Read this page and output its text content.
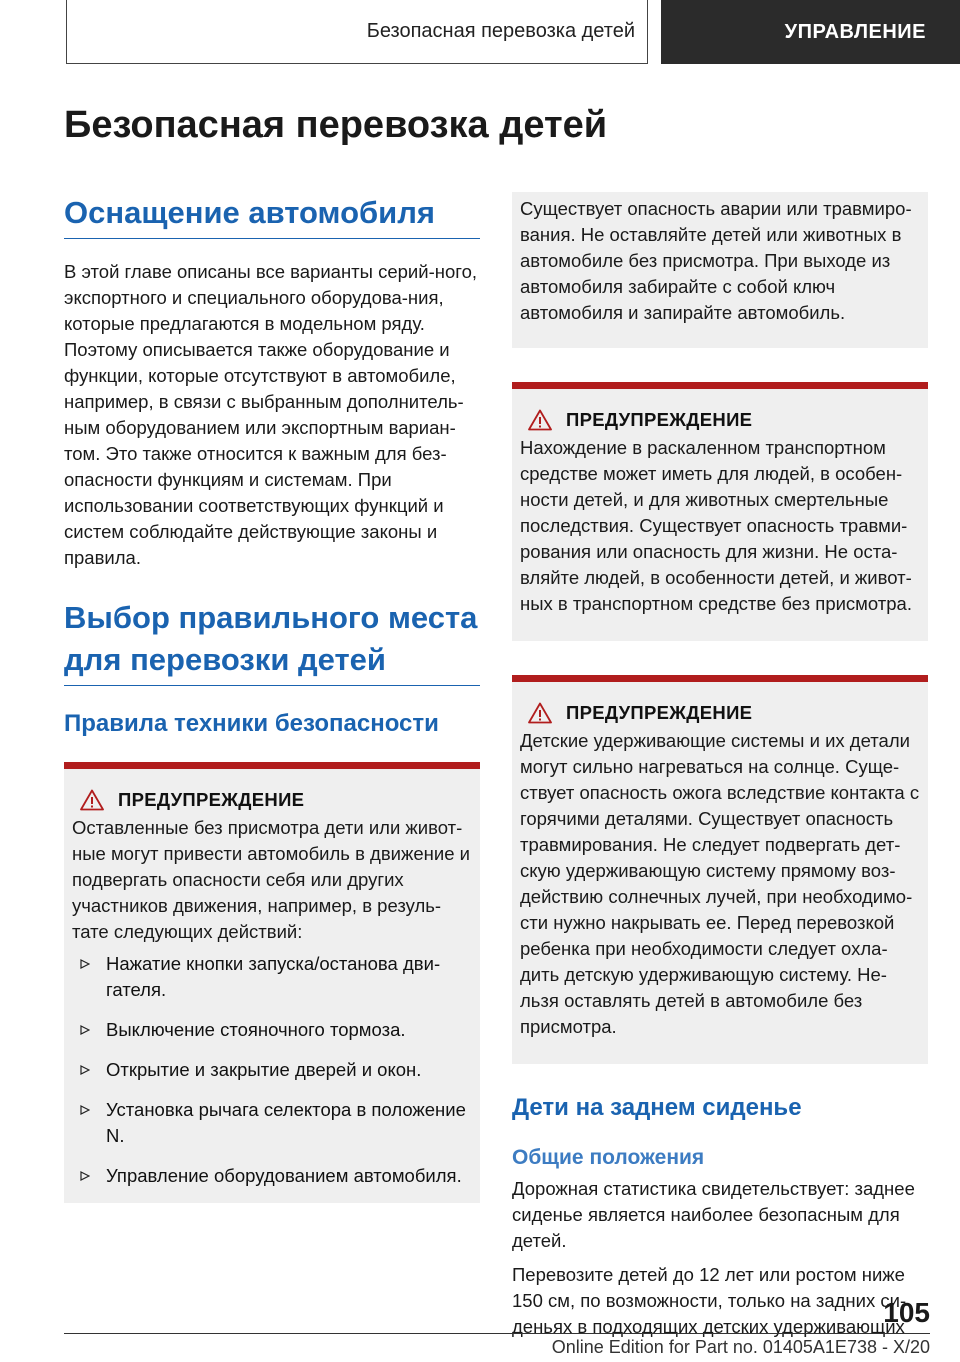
Безопасная перевозка детей	УПРАВЛЕНИЕ
Безопасная перевозка детей
Оснащение автомобиля

В этой главе описаны все варианты серий-ного, экспортного и специального оборудова-ния, которые предлагаются в модельном ряду. Поэтому описывается также оборудование и функции, которые отсутствуют в автомобиле, например, в связи с выбранным дополнитель-ным оборудованием или экспортным вариан-том. Это также относится к важным для без-опасности функциям и системам. При использовании соответствующих функций и систем соблюдайте действующие законы и правила.

Выбор правильного места для перевозки детей
Правила техники безопасности
ПРЕДУПРЕЖДЕНИЕ

Оставленные без присмотра дети или живот-ные могут привести автомобиль в движение и подвергать опасности себя или других участников движения, например, в резуль-тате следующих действий:

Нажатие кнопки запуска/останова дви-гателя.
Выключение стояночного тормоза.
Открытие и закрытие дверей и окон.
Установка рычага селектора в положение N.
Управление оборудованием автомобиля.

Существует опасность аварии или травмиро-вания. Не оставляйте детей или животных в автомобиле без присмотра. При выходе из автомобиля забирайте с собой ключ автомобиля и запирайте автомобиль.

ПРЕДУПРЕЖДЕНИЕ

Нахождение в раскаленном транспортном средстве может иметь для людей, в особен-ности детей, и для животных смертельные последствия. Существует опасность травми-рования или опасность для жизни. Не оста-вляйте людей, в особенности детей, и живот-ных в транспортном средстве без присмотра.

ПРЕДУПРЕЖДЕНИЕ

Детские удерживающие системы и их детали могут сильно нагреваться на солнце. Суще-ствует опасность ожога вследствие контакта с горячими деталями. Существует опасность травмирования. Не следует подвергать дет-скую удерживающую систему прямому воз-действию солнечных лучей, при необходимо-сти нужно накрывать ее. Перед перевозкой ребенка при необходимости следует охла-дить детскую удерживающую систему. Не-льзя оставлять детей в автомобиле без присмотра.

Дети на заднем сиденье
Общие положения

Дорожная статистика свидетельствует: заднее сиденье является наиболее безопасным для детей.

Перевозите детей до 12 лет или ростом ниже 150 см, по возможности, только на задних си-деньях в подходящих детских удерживающих

105
Online Edition for Part no. 01405A1E738 - X/20
